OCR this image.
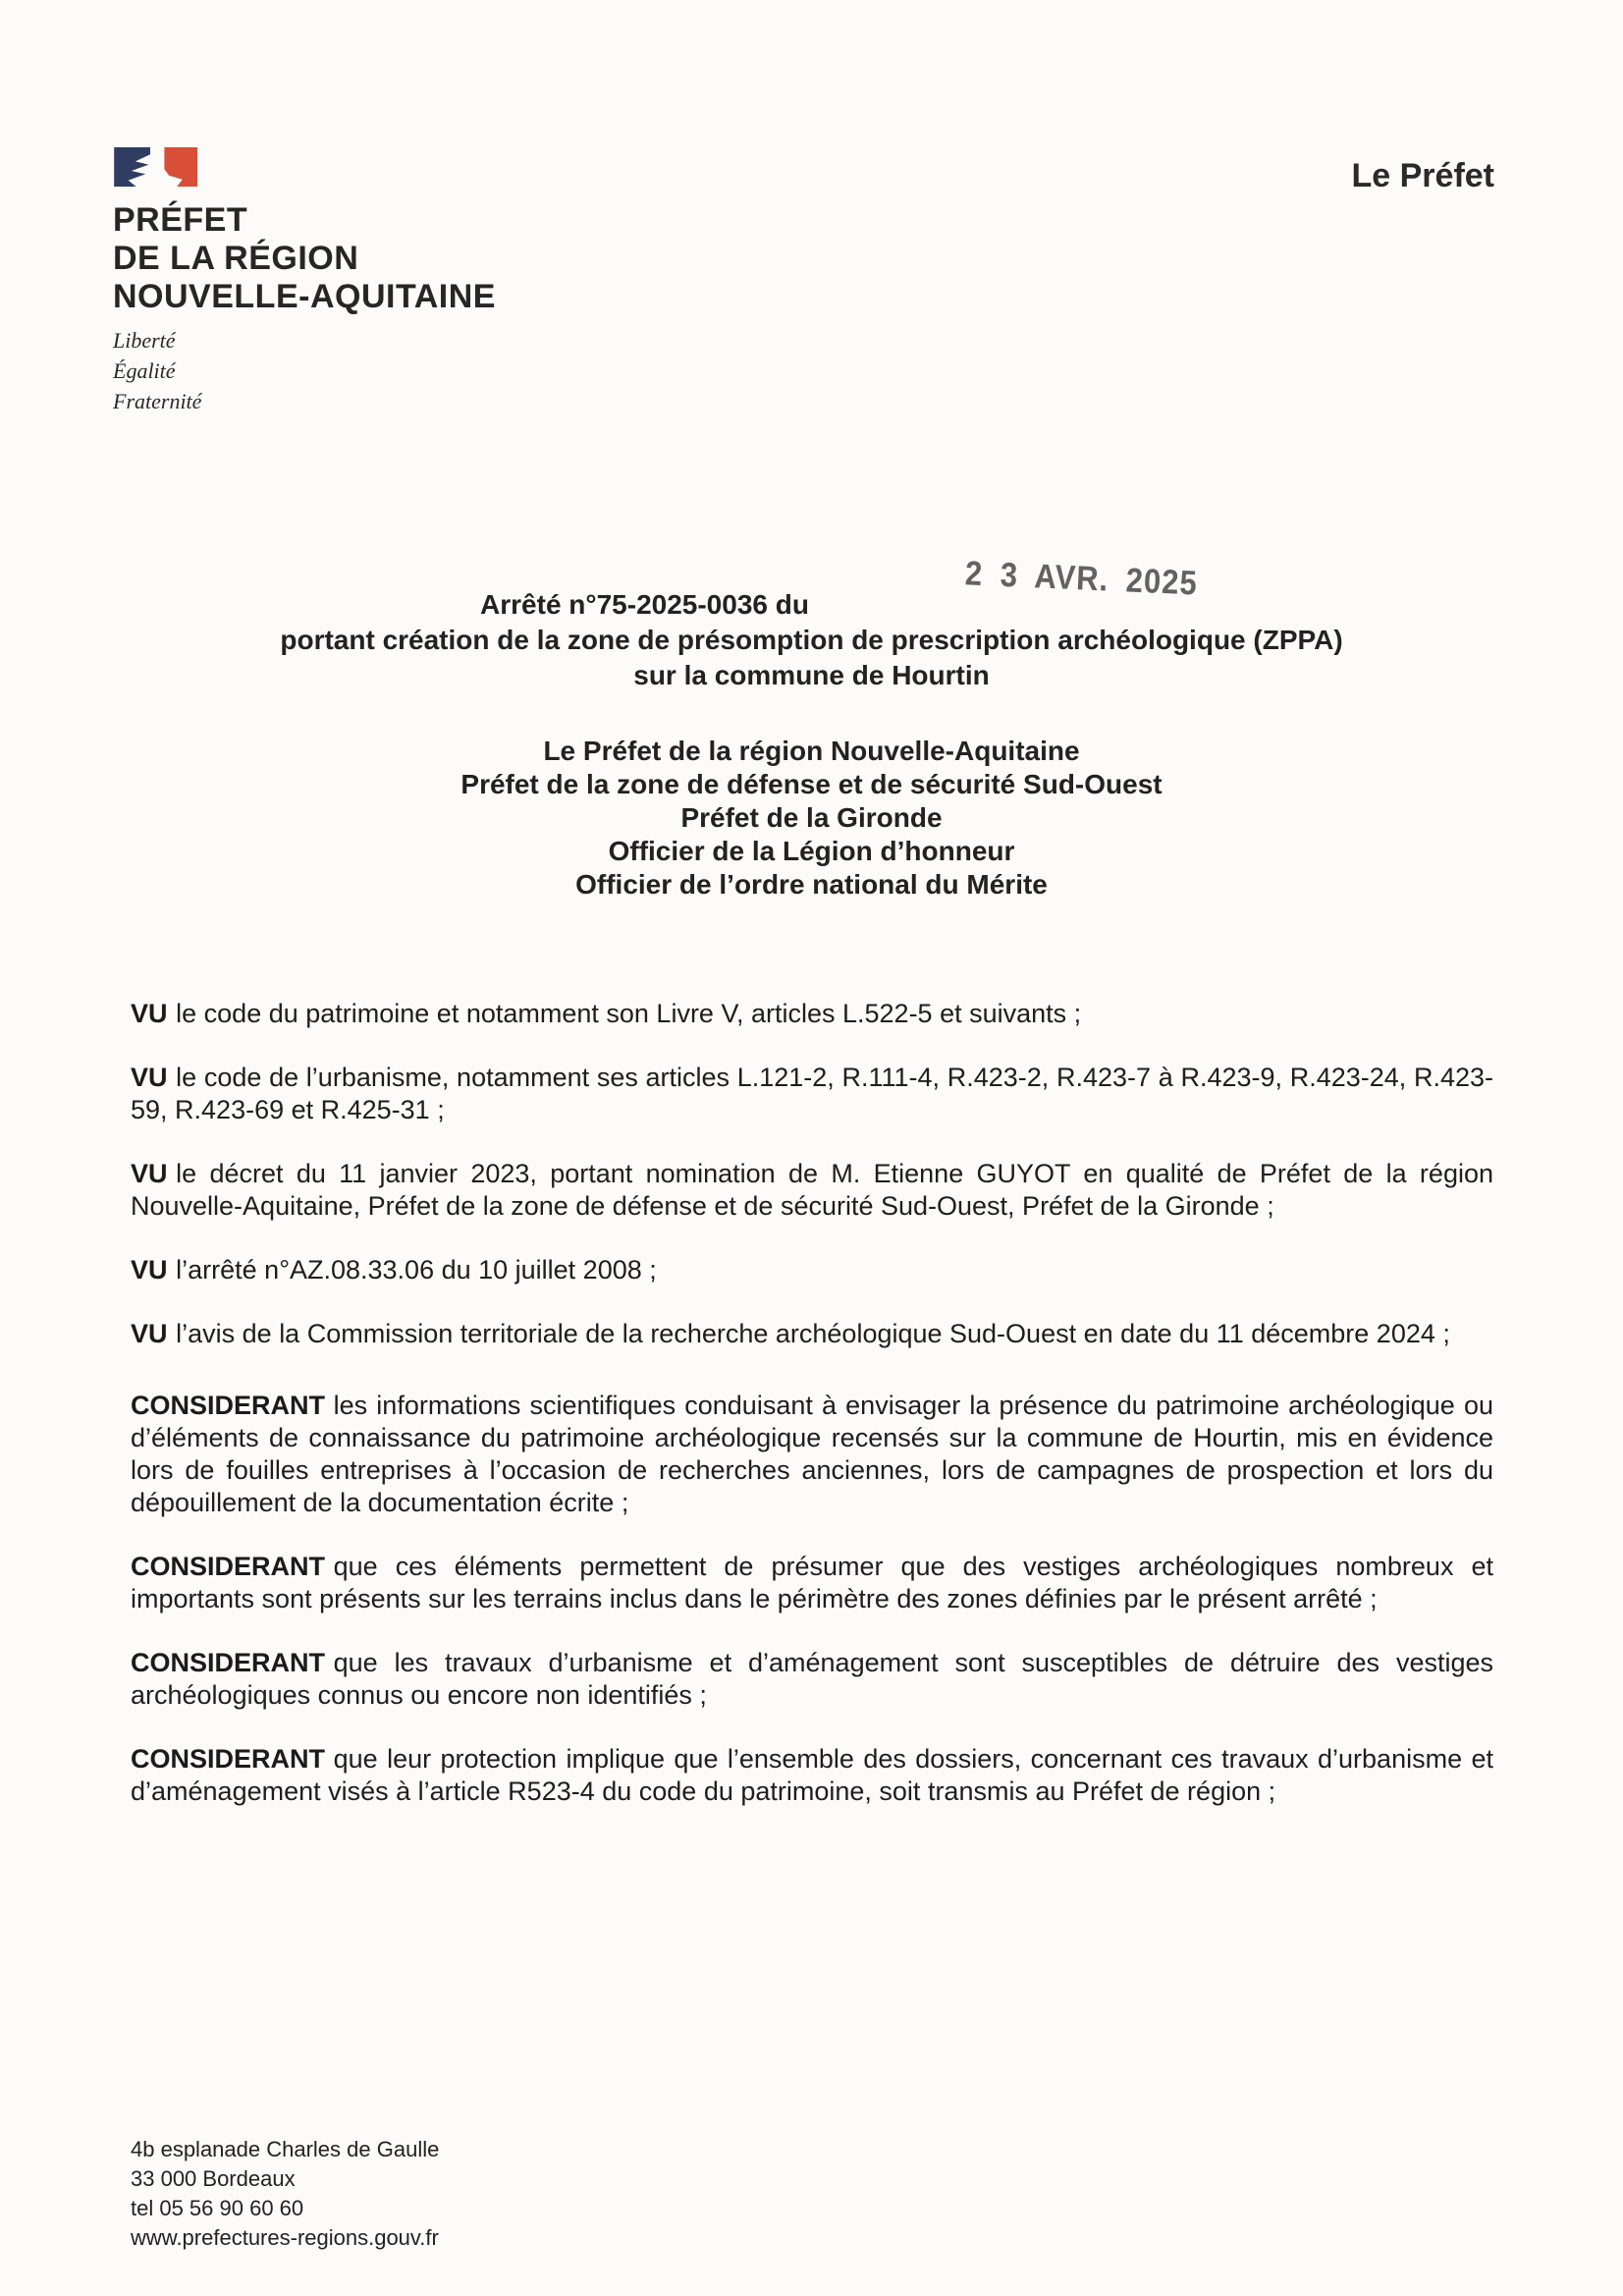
PRÉFET
DE LA RÉGION
NOUVELLE-AQUITAINE
Liberté
Égalité
Fraternité
Le Préfet
2 3 AVR. 2025
Arrêté n°75-2025-0036 du
portant création de la zone de présomption de prescription archéologique (ZPPA)
sur la commune de Hourtin
Le Préfet de la région Nouvelle-Aquitaine
Préfet de la zone de défense et de sécurité Sud-Ouest
Préfet de la Gironde
Officier de la Légion d’honneur
Officier de l’ordre national du Mérite

VU le code du patrimoine et notamment son Livre V, articles L.522-5 et suivants ;

VU le code de l’urbanisme, notamment ses articles L.121-2, R.111-4, R.423-2, R.423-7 à R.423-9, R.423-24, R.423-59, R.423-69 et R.425-31 ;

VU le décret du 11 janvier 2023, portant nomination de M. Etienne GUYOT en qualité de Préfet de la région Nouvelle-Aquitaine, Préfet de la zone de défense et de sécurité Sud-Ouest, Préfet de la Gironde ;

VU l’arrêté n°AZ.08.33.06 du 10 juillet 2008 ;

VU l’avis de la Commission territoriale de la recherche archéologique Sud-Ouest en date du 11 décembre 2024 ;

CONSIDERANT les informations scientifiques conduisant à envisager la présence du patrimoine archéologique ou d’éléments de connaissance du patrimoine archéologique recensés sur la commune de Hourtin, mis en évidence lors de fouilles entreprises à l’occasion de recherches anciennes, lors de campagnes de prospection et lors du dépouillement de la documentation écrite ;

CONSIDERANT que ces éléments permettent de présumer que des vestiges archéologiques nombreux et importants sont présents sur les terrains inclus dans le périmètre des zones définies par le présent arrêté ;

CONSIDERANT que les travaux d’urbanisme et d’aménagement sont susceptibles de détruire des vestiges archéologiques connus ou encore non identifiés ;

CONSIDERANT que leur protection implique que l’ensemble des dossiers, concernant ces travaux d’urbanisme et d’aménagement visés à l’article R523-4 du code du patrimoine, soit transmis au Préfet de région ;

4b esplanade Charles de Gaulle
33 000 Bordeaux
tel 05 56 90 60 60
www.prefectures-regions.gouv.fr
